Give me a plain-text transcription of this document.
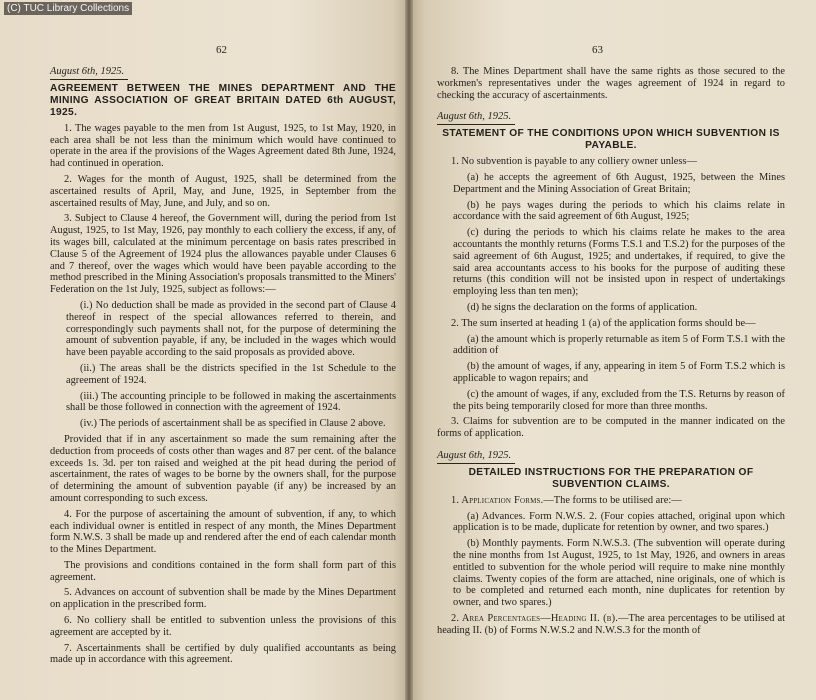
(C) TUC Library Collections
62
August 6th, 1925.
AGREEMENT BETWEEN THE MINES DEPARTMENT AND THE MINING ASSOCIATION OF GREAT BRITAIN DATED 6th AUGUST, 1925.

1. The wages payable to the men from 1st August, 1925, to 1st May, 1920, in each area shall be not less than the minimum which would have continued to operate in the area if the provisions of the Wages Agreement dated 8th June, 1924, had continued in operation.

2. Wages for the month of August, 1925, shall be determined from the ascertained results of April, May, and June, 1925, in September from the ascertained results of May, June, and July, and so on.

3. Subject to Clause 4 hereof, the Government will, during the period from 1st August, 1925, to 1st May, 1926, pay monthly to each colliery the excess, if any, of its wages bill, calculated at the minimum percentage on basis rates prescribed in Clause 5 of the Agreement of 1924 plus the allowances payable under Clauses 6 and 7 thereof, over the wages which would have been payable according to the method prescribed in the Mining Association's proposals transmitted to the Miners' Federation on the 1st July, 1925, subject as follows:—

(i.) No deduction shall be made as provided in the second part of Clause 4 thereof in respect of the special allowances referred to therein, and correspondingly such payments shall not, for the purpose of determining the amount of subvention payable, if any, be included in the wages which would have been payable according to the said proposals as provided above.

(ii.) The areas shall be the districts specified in the 1st Schedule to the agreement of 1924.

(iii.) The accounting principle to be followed in making the ascertainments shall be those followed in connection with the agreement of 1924.

(iv.) The periods of ascertainment shall be as specified in Clause 2 above.

Provided that if in any ascertainment so made the sum remaining after the deduction from proceeds of costs other than wages and 87 per cent. of the balance exceeds 1s. 3d. per ton raised and weighed at the pit head during the period of ascertainment, the rates of wages to be borne by the owners shall, for the purpose of determining the amount of subvention payable (if any) be increased by an amount corresponding to such excess.

4. For the purpose of ascertaining the amount of subvention, if any, to which each individual owner is entitled in respect of any month, the Mines Department form N.W.S. 3 shall be made up and rendered after the end of each calendar month to the Mines Department.

The provisions and conditions contained in the form shall form part of this agreement.

5. Advances on account of subvention shall be made by the Mines Department on application in the prescribed form.

6. No colliery shall be entitled to subvention unless the provisions of this agreement are accepted by it.

7. Ascertainments shall be certified by duly qualified accountants as being made up in accordance with this agreement.

63

8. The Mines Department shall have the same rights as those secured to the workmen's representatives under the wages agreement of 1924 in regard to checking the accuracy of ascertainments.

August 6th, 1925.
STATEMENT OF THE CONDITIONS UPON WHICH SUBVENTION IS PAYABLE.

1. No subvention is payable to any colliery owner unless—

(a) he accepts the agreement of 6th August, 1925, between the Mines Department and the Mining Association of Great Britain;

(b) he pays wages during the periods to which his claims relate in accordance with the said agreement of 6th August, 1925;

(c) during the periods to which his claims relate he makes to the area accountants the monthly returns (Forms T.S.1 and T.S.2) for the purposes of the said agreement of 6th August, 1925; and undertakes, if required, to give the said area accountants access to his books for the purpose of auditing these returns (this condition will not be insisted upon in respect of undertakings employing less than ten men);

(d) he signs the declaration on the forms of application.

2. The sum inserted at heading 1 (a) of the application forms should be—

(a) the amount which is properly returnable as item 5 of Form T.S.1 with the addition of

(b) the amount of wages, if any, appearing in item 5 of Form T.S.2 which is applicable to wagon repairs; and

(c) the amount of wages, if any, excluded from the T.S. Returns by reason of the pits being temporarily closed for more than three months.

3. Claims for subvention are to be computed in the manner indicated on the forms of application.

August 6th, 1925.
DETAILED INSTRUCTIONS FOR THE PREPARATION OF SUBVENTION CLAIMS.

1. Application Forms.—The forms to be utilised are:—

(a) Advances. Form N.W.S. 2. (Four copies attached, original upon which application is to be made, duplicate for retention by owner, and two spares.)

(b) Monthly payments. Form N.W.S.3. (The subvention will operate during the nine months from 1st August, 1925, to 1st May, 1926, and owners in areas entitled to subvention for the whole period will require to make nine monthly claims. Twenty copies of the form are attached, nine originals, one of which is to be completed and returned each month, nine duplicates for retention by owner, and two spares.)

2. Area Percentages—Heading II. (b).—The area percentages to be utilised at heading II. (b) of Forms N.W.S.2 and N.W.S.3 for the month of
